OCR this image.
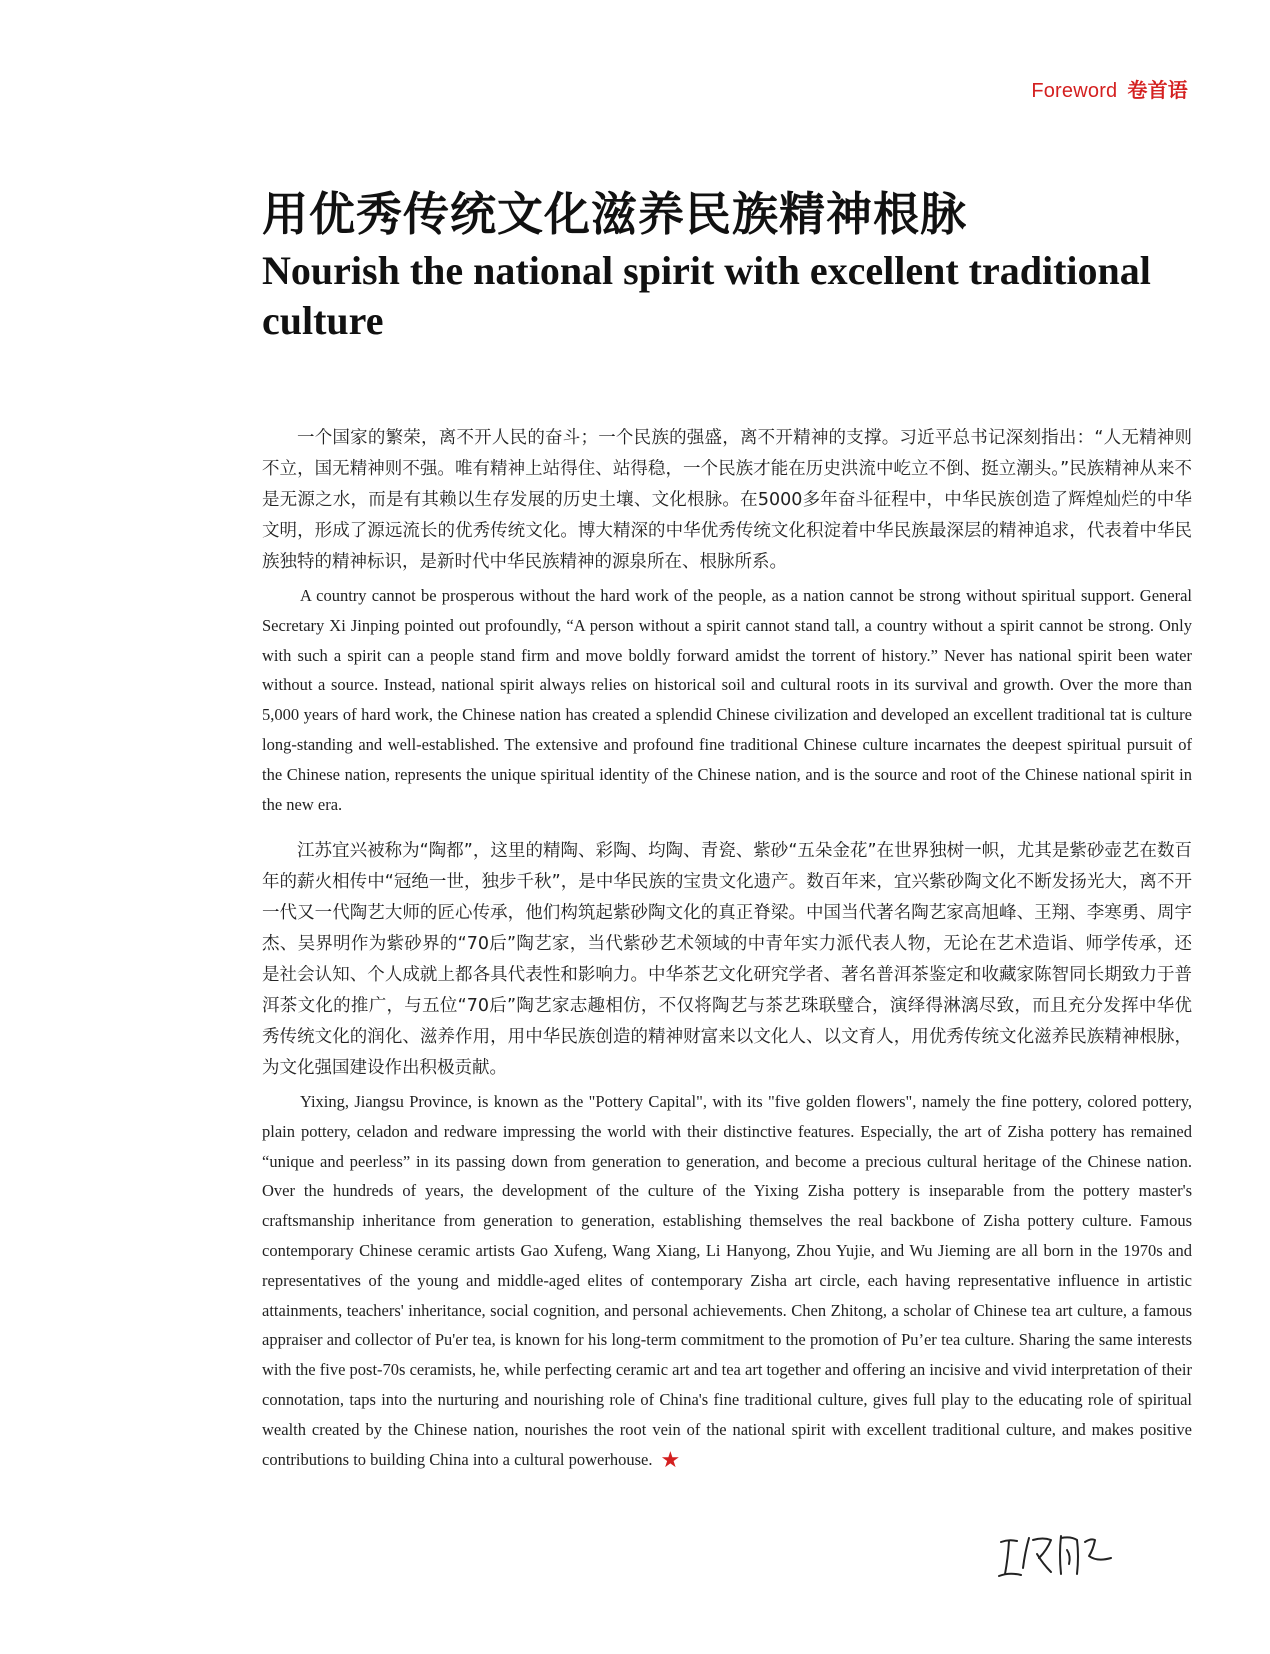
Foreword 卷首语
用优秀传统文化滋养民族精神根脉
Nourish the national spirit with excellent traditional culture

一个国家的繁荣，离不开人民的奋斗；一个民族的强盛，离不开精神的支撑。习近平总书记深刻指出：“人无精神则不立，国无精神则不强。唯有精神上站得住、站得稳，一个民族才能在历史洪流中屹立不倒、挺立潮头。”民族精神从来不是无源之水，而是有其赖以生存发展的历史土壤、文化根脉。在5000多年奋斗征程中，中华民族创造了辉煌灿烂的中华文明，形成了源远流长的优秀传统文化。博大精深的中华优秀传统文化积淀着中华民族最深层的精神追求，代表着中华民族独特的精神标识，是新时代中华民族精神的源泉所在、根脉所系。

A country cannot be prosperous without the hard work of the people, as a nation cannot be strong without spiritual support. General Secretary Xi Jinping pointed out profoundly, “A person without a spirit cannot stand tall, a country without a spirit cannot be strong. Only with such a spirit can a people stand firm and move boldly forward amidst the torrent of history.” Never has national spirit been water without a source. Instead, national spirit always relies on historical soil and cultural roots in its survival and growth. Over the more than 5,000 years of hard work, the Chinese nation has created a splendid Chinese civilization and developed an excellent traditional tat is culture long-standing and well-established. The extensive and profound fine traditional Chinese culture incarnates the deepest spiritual pursuit of the Chinese nation, represents the unique spiritual identity of the Chinese nation, and is the source and root of the Chinese national spirit in the new era.

江苏宜兴被称为“陶都”，这里的精陶、彩陶、均陶、青瓷、紫砂“五朵金花”在世界独树一帜，尤其是紫砂壶艺在数百年的薪火相传中“冠绝一世，独步千秋”，是中华民族的宝贵文化遗产。数百年来，宜兴紫砂陶文化不断发扬光大，离不开一代又一代陶艺大师的匠心传承，他们构筑起紫砂陶文化的真正脊梁。中国当代著名陶艺家高旭峰、王翔、李寒勇、周宇杰、吴界明作为紫砂界的“70后”陶艺家，当代紫砂艺术领域的中青年实力派代表人物，无论在艺术造诣、师学传承，还是社会认知、个人成就上都各具代表性和影响力。中华茶艺文化研究学者、著名普洱茶鉴定和收藏家陈智同长期致力于普洱茶文化的推广，与五位“70后”陶艺家志趣相仿，不仅将陶艺与茶艺珠联璧合，演绎得淋漓尽致，而且充分发挥中华优秀传统文化的润化、滋养作用，用中华民族创造的精神财富来以文化人、以文育人，用优秀传统文化滋养民族精神根脉，为文化强国建设作出积极贡献。

Yixing, Jiangsu Province, is known as the "Pottery Capital", with its "five golden flowers", namely the fine pottery, colored pottery, plain pottery, celadon and redware impressing the world with their distinctive features. Especially, the art of Zisha pottery has remained “unique and peerless” in its passing down from generation to generation, and become a precious cultural heritage of the Chinese nation. Over the hundreds of years, the development of the culture of the Yixing Zisha pottery is inseparable from the pottery master's craftsmanship inheritance from generation to generation, establishing themselves the real backbone of Zisha pottery culture. Famous contemporary Chinese ceramic artists Gao Xufeng, Wang Xiang, Li Hanyong, Zhou Yujie, and Wu Jieming are all born in the 1970s and representatives of the young and middle-aged elites of contemporary Zisha art circle, each having representative influence in artistic attainments, teachers' inheritance, social cognition, and personal achievements. Chen Zhitong, a scholar of Chinese tea art culture, a famous appraiser and collector of Pu'er tea, is known for his long-term commitment to the promotion of Pu’er tea culture. Sharing the same interests with the five post-70s ceramists, he, while perfecting ceramic art and tea art together and offering an incisive and vivid interpretation of their connotation, taps into the nurturing and nourishing role of China's fine traditional culture, gives full play to the educating role of spiritual wealth created by the Chinese nation, nourishes the root vein of the national spirit with excellent traditional culture, and makes positive contributions to building China into a cultural powerhouse. ★
